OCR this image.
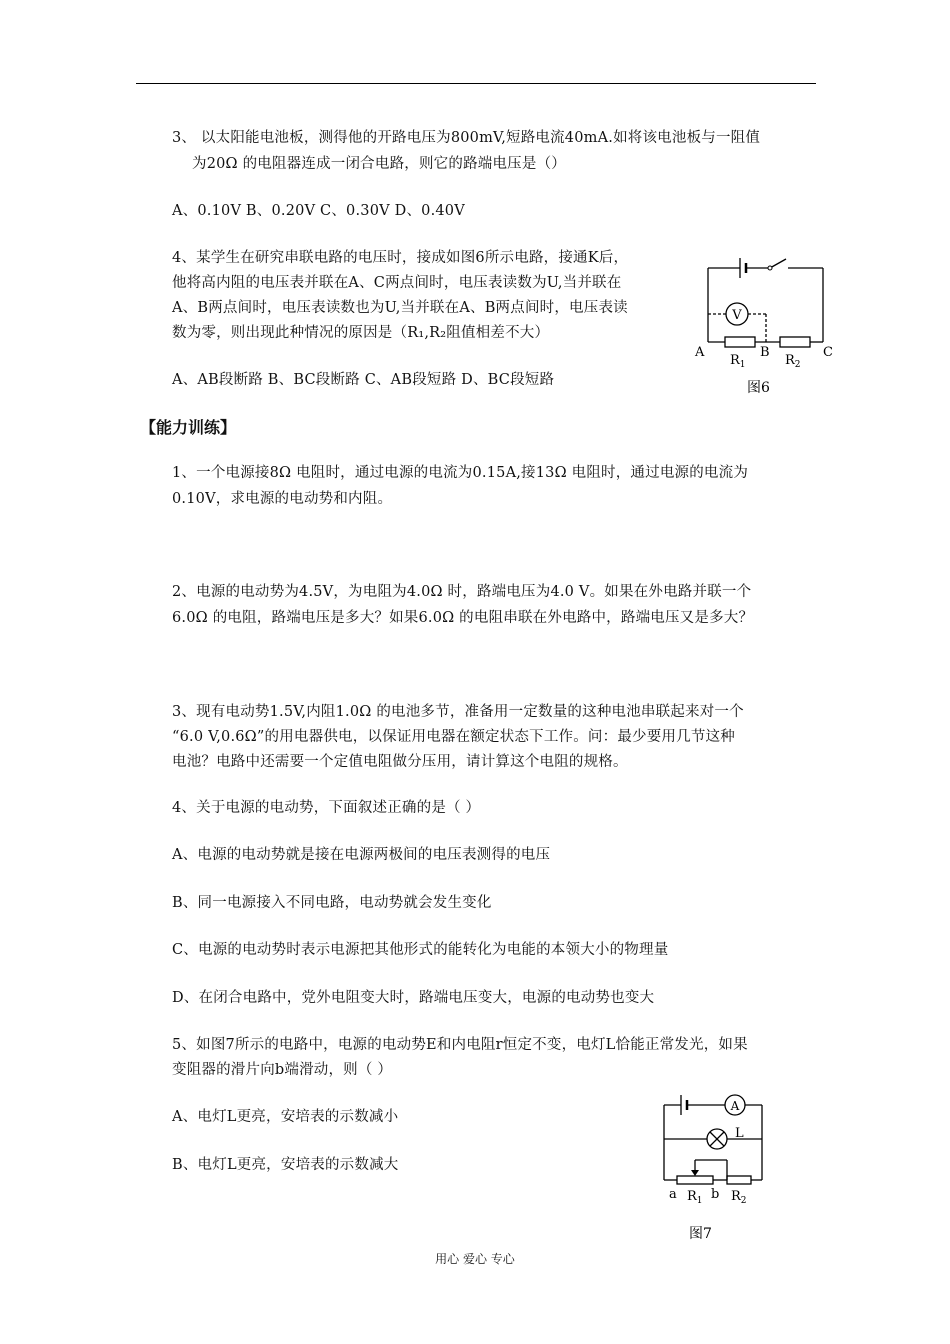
3、 以太阳能电池板，测得他的开路电压为800mV,短路电流40mA.如将该电池板与一阻值
为20Ω 的电阻器连成一闭合电路，则它的路端电压是（）
A、0.10V B、0.20V C、0.30V D、0.40V
4、某学生在研究串联电路的电压时，接成如图6所示电路，接通K后，
他将高内阻的电压表并联在A、C两点间时，电压表读数为U,当并联在
A、B两点间时，电压表读数也为U,当并联在A、B两点间时，电压表读
数为零，则出现此种情况的原因是（R₁,R₂阻值相差不大）
A、AB段断路 B、BC段断路 C、AB段短路 D、BC段短路
V
A	B	C
$R_1$	$R_2$
图6
【能力训练】
1、一个电源接8Ω 电阻时，通过电源的电流为0.15A,接13Ω 电阻时，通过电源的电流为
0.10V，求电源的电动势和内阻。
2、电源的电动势为4.5V，为电阻为4.0Ω 时，路端电压为4.0 V。如果在外电路并联一个
6.0Ω 的电阻，路端电压是多大？如果6.0Ω 的电阻串联在外电路中，路端电压又是多大？
3、现有电动势1.5V,内阻1.0Ω 的电池多节，准备用一定数量的这种电池串联起来对一个
“6.0 V,0.6Ω”的用电器供电，以保证用电器在额定状态下工作。问：最少要用几节这种
电池？电路中还需要一个定值电阻做分压用，请计算这个电阻的规格。
4、关于电源的电动势，下面叙述正确的是（ ）
A、电源的电动势就是接在电源两极间的电压表测得的电压
B、同一电源接入不同电路，电动势就会发生变化
C、电源的电动势时表示电源把其他形式的能转化为电能的本领大小的物理量
D、在闭合电路中，党外电阻变大时，路端电压变大，电源的电动势也变大
5、如图7所示的电路中，电源的电动势E和内电阻r恒定不变，电灯L恰能正常发光，如果
变阻器的滑片向b端滑动，则（ ）
A、电灯L更亮，安培表的示数减小
B、电灯L更亮，安培表的示数减大
A
L
a	b
$R_1$ $R_2$
图7
用心 爱心 专心
